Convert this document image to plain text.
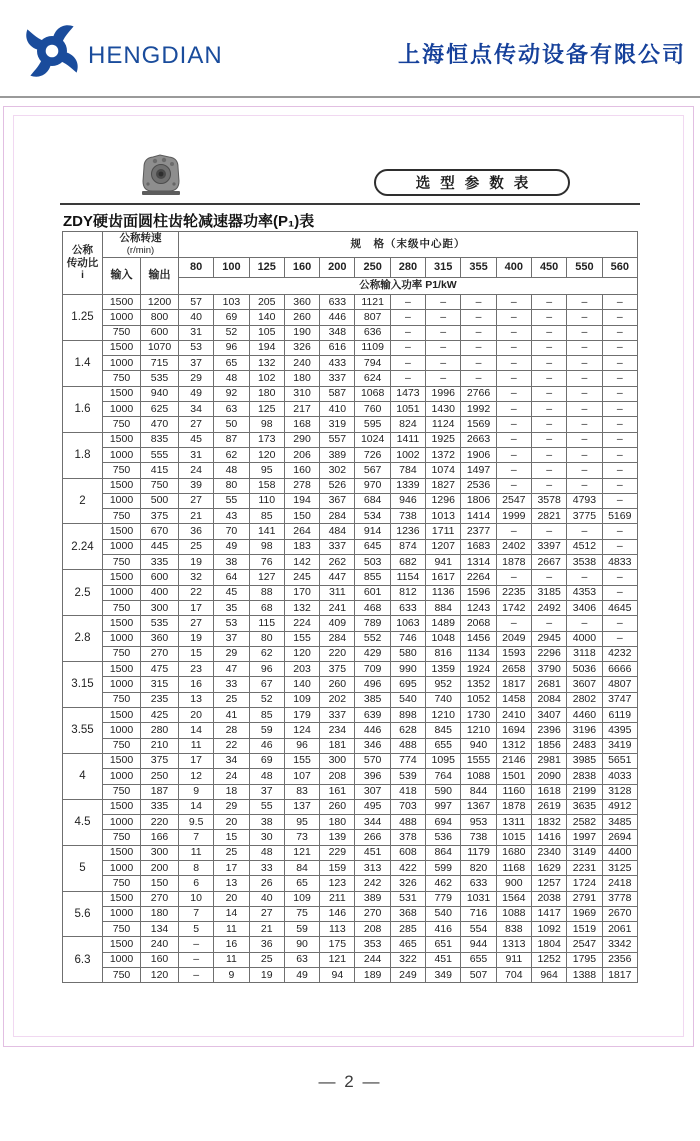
HENGDIAN	上海恒点传动设备有限公司
选型参数表
ZDY硬齿面圆柱齿轮减速器功率(P₁)表
公称
传动比
i

公称转速
(r/min)
	规　格（末级中心距）
	输入	输出	80	100	125	160	200	250	280	315	355	400	450	550	560
			公称输入功率 P1/kW												
1.25	1500	1200	57	103	205	360	633	1121	–	–	–	–	–	–	–
	1000	800	40	69	140	260	446	807	–	–	–	–	–	–	–
	750	600	31	52	105	190	348	636	–	–	–	–	–	–	–
1.4	1500	1070	53	96	194	326	616	1109	–	–	–	–	–	–	–
	1000	715	37	65	132	240	433	794	–	–	–	–	–	–	–
	750	535	29	48	102	180	337	624	–	–	–	–	–	–	–
1.6	1500	940	49	92	180	310	587	1068	1473	1996	2766	–	–	–	–
	1000	625	34	63	125	217	410	760	1051	1430	1992	–	–	–	–
	750	470	27	50	98	168	319	595	824	1124	1569	–	–	–	–
1.8	1500	835	45	87	173	290	557	1024	1411	1925	2663	–	–	–	–
	1000	555	31	62	120	206	389	726	1002	1372	1906	–	–	–	–
	750	415	24	48	95	160	302	567	784	1074	1497	–	–	–	–
2	1500	750	39	80	158	278	526	970	1339	1827	2536	–	–	–	–
	1000	500	27	55	110	194	367	684	946	1296	1806	2547	3578	4793	–
	750	375	21	43	85	150	284	534	738	1013	1414	1999	2821	3775	5169
2.24	1500	670	36	70	141	264	484	914	1236	1711	2377	–	–	–	–
	1000	445	25	49	98	183	337	645	874	1207	1683	2402	3397	4512	–
	750	335	19	38	76	142	262	503	682	941	1314	1878	2667	3538	4833
2.5	1500	600	32	64	127	245	447	855	1154	1617	2264	–	–	–	–
	1000	400	22	45	88	170	311	601	812	1136	1596	2235	3185	4353	–
	750	300	17	35	68	132	241	468	633	884	1243	1742	2492	3406	4645
2.8	1500	535	27	53	115	224	409	789	1063	1489	2068	–	–	–	–
	1000	360	19	37	80	155	284	552	746	1048	1456	2049	2945	4000	–
	750	270	15	29	62	120	220	429	580	816	1134	1593	2296	3118	4232
3.15	1500	475	23	47	96	203	375	709	990	1359	1924	2658	3790	5036	6666
	1000	315	16	33	67	140	260	496	695	952	1352	1817	2681	3607	4807
	750	235	13	25	52	109	202	385	540	740	1052	1458	2084	2802	3747
3.55	1500	425	20	41	85	179	337	639	898	1210	1730	2410	3407	4460	6119
	1000	280	14	28	59	124	234	446	628	845	1210	1694	2396	3196	4395
	750	210	11	22	46	96	181	346	488	655	940	1312	1856	2483	3419
4	1500	375	17	34	69	155	300	570	774	1095	1555	2146	2981	3985	5651
	1000	250	12	24	48	107	208	396	539	764	1088	1501	2090	2838	4033
	750	187	9	18	37	83	161	307	418	590	844	1160	1618	2199	3128
4.5	1500	335	14	29	55	137	260	495	703	997	1367	1878	2619	3635	4912
	1000	220	9.5	20	38	95	180	344	488	694	953	1311	1832	2582	3485
	750	166	7	15	30	73	139	266	378	536	738	1015	1416	1997	2694
5	1500	300	11	25	48	121	229	451	608	864	1179	1680	2340	3149	4400
	1000	200	8	17	33	84	159	313	422	599	820	1168	1629	2231	3125
	750	150	6	13	26	65	123	242	326	462	633	900	1257	1724	2418
5.6	1500	270	10	20	40	109	211	389	531	779	1031	1564	2038	2791	3778
	1000	180	7	14	27	75	146	270	368	540	716	1088	1417	1969	2670
	750	134	5	11	21	59	113	208	285	416	554	838	1092	1519	2061
6.3	1500	240	–	16	36	90	175	353	465	651	944	1313	1804	2547	3342
	1000	160	–	11	25	63	121	244	322	451	655	911	1252	1795	2356
	750	120	–	9	19	49	94	189	249	349	507	704	964	1388	1817
— 2 —
